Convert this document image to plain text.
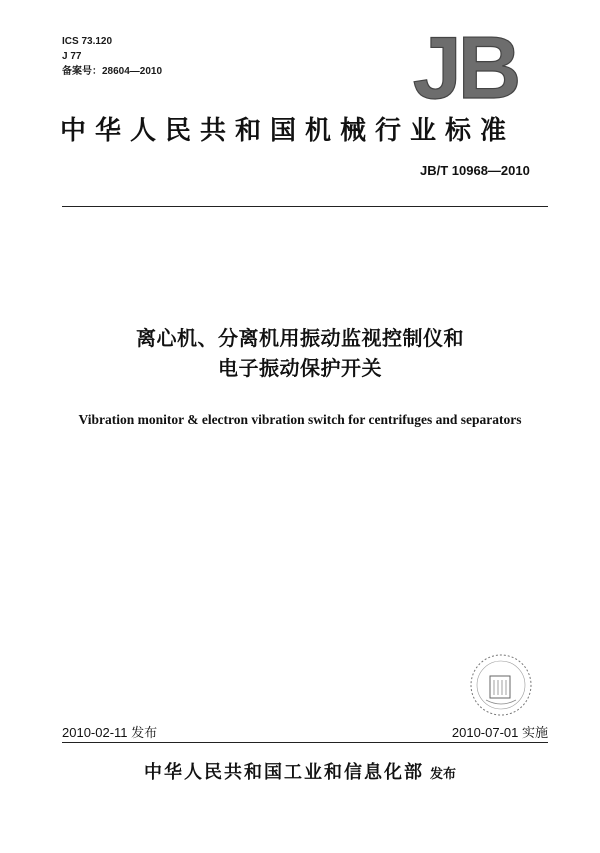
ICS 73.120
J 77
备案号：28604—2010	JB
中华人民共和国机械行业标准
JB/T 10968—2010
离心机、分离机用振动监视控制仪和
电子振动保护开关
Vibration monitor & electron vibration switch for centrifuges and separators
2010-02-11 发布	2010-07-01 实施
中华人民共和国工业和信息化部 发布
